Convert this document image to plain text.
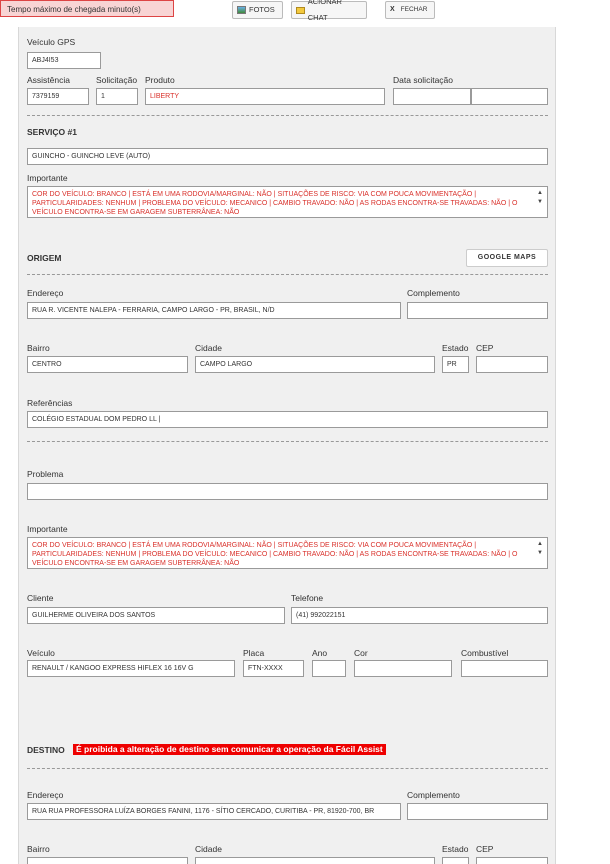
Tempo máximo de chegada minuto(s)	FOTOS
ACIONAR CHAT
X FECHAR
Veículo GPS
ABJ4I53
Assistência	Solicitação Produto	Data solicitação
7379159	1	LIBERTY
SERVIÇO #1
GUINCHO - GUINCHO LEVE (AUTO)
Importante
COR DO VEÍCULO: BRANCO | ESTÁ EM UMA RODOVIA/MARGINAL: NÃO | SITUAÇÕES DE RISCO: VIA COM POUCA MOVIMENTAÇÃO | PARTICULARIDADES: NENHUM | PROBLEMA DO VEÍCULO: MECANICO | CAMBIO TRAVADO: NÃO | AS RODAS ENCONTRA-SE TRAVADAS: NÃO | O VEÍCULO ENCONTRA-SE EM GARAGEM SUBTERRÂNEA: NÃO
▲
▼
ORIGEM	GOOGLE MAPS
Endereço	Complemento
RUA R. VICENTE NALEPA - FERRARIA, CAMPO LARGO - PR, BRASIL, N/D
Bairro	Cidade	Estado CEP
CENTRO	CAMPO LARGO	PR
Referências
COLÉGIO ESTADUAL DOM PEDRO LL |
Problema
Importante
COR DO VEÍCULO: BRANCO | ESTÁ EM UMA RODOVIA/MARGINAL: NÃO | SITUAÇÕES DE RISCO: VIA COM POUCA MOVIMENTAÇÃO | PARTICULARIDADES: NENHUM | PROBLEMA DO VEÍCULO: MECANICO | CAMBIO TRAVADO: NÃO | AS RODAS ENCONTRA-SE TRAVADAS: NÃO | O VEÍCULO ENCONTRA-SE EM GARAGEM SUBTERRÂNEA: NÃO
▲
▼
Cliente	Telefone
GUILHERME OLIVEIRA DOS SANTOS	(41) 992022151
Veículo	Placa	Ano	Cor	Combustível
RENAULT / KANGOO EXPRESS HIFLEX 16 16V G	FTN-XXXX
DESTINO	É proibida a alteração de destino sem comunicar a operação da Fácil Assist
Endereço	Complemento
RUA RUA PROFESSORA LUÍZA BORGES FANINI, 1176 - SÍTIO CERCADO, CURITIBA - PR, 81920-700, BR
Bairro	Cidade	Estado CEP
